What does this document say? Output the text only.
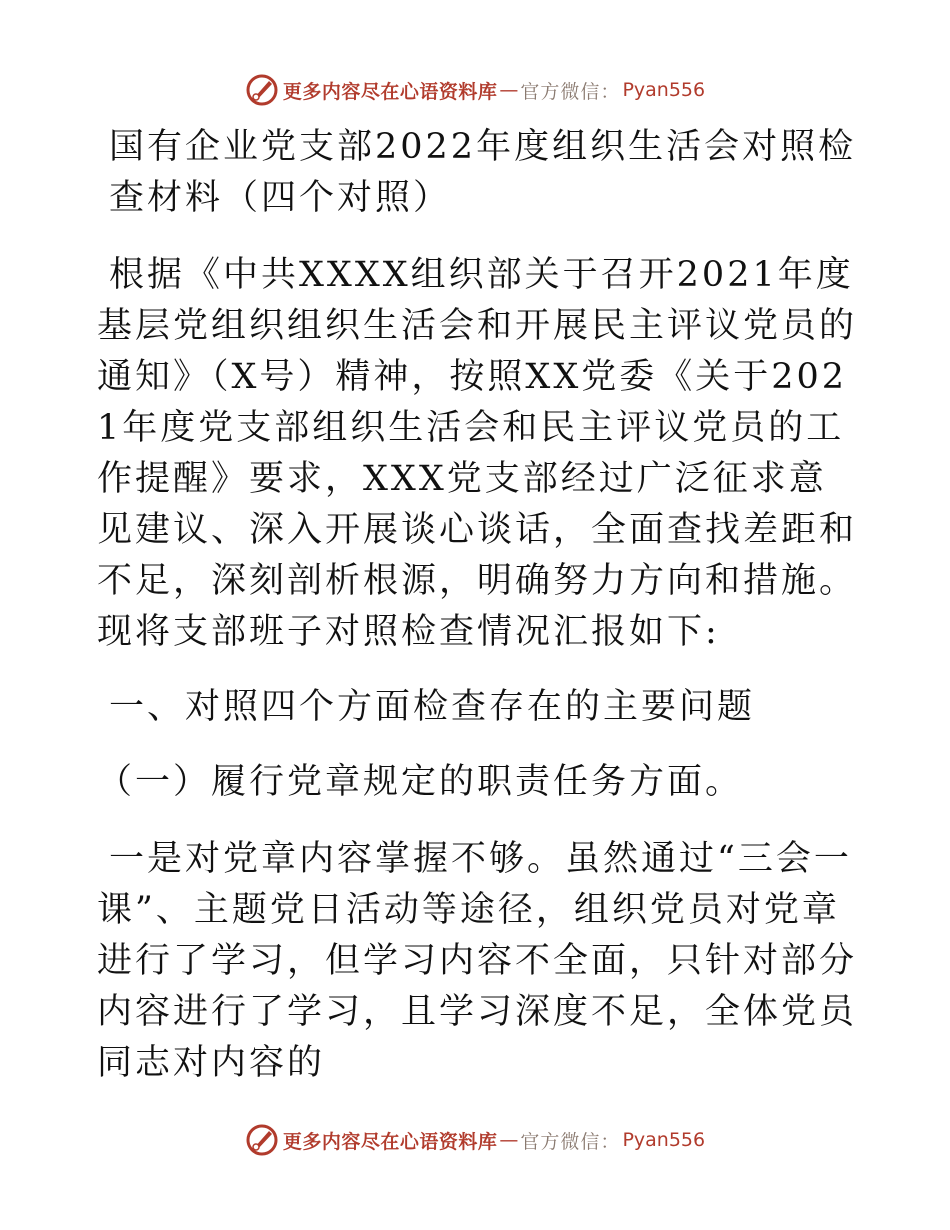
更多内容尽在心语资料库 — 官方微信： Pyan556

国有企业党支部2022年度组织生活会对照检查材料（四个对照）

根据《中共XXXX组织部关于召开2021年度基层党组织组织生活会和开展民主评议党员的通知》（X号）精神，按照XX党委《关于2021年度党支部组织生活会和民主评议党员的工作提醒》要求，XXX党支部经过广泛征求意见建议、深入开展谈心谈话，全面查找差距和不足，深刻剖析根源，明确努力方向和措施。现将支部班子对照检查情况汇报如下:

一、对照四个方面检查存在的主要问题

（一）履行党章规定的职责任务方面。

一是对党章内容掌握不够。虽然通过“三会一课”、主题党日活动等途径，组织党员对党章进行了学习，但学习内容不全面，只针对部分内容进行了学习，且学习深度不足，全体党员同志对内容的

更多内容尽在心语资料库 — 官方微信： Pyan556
